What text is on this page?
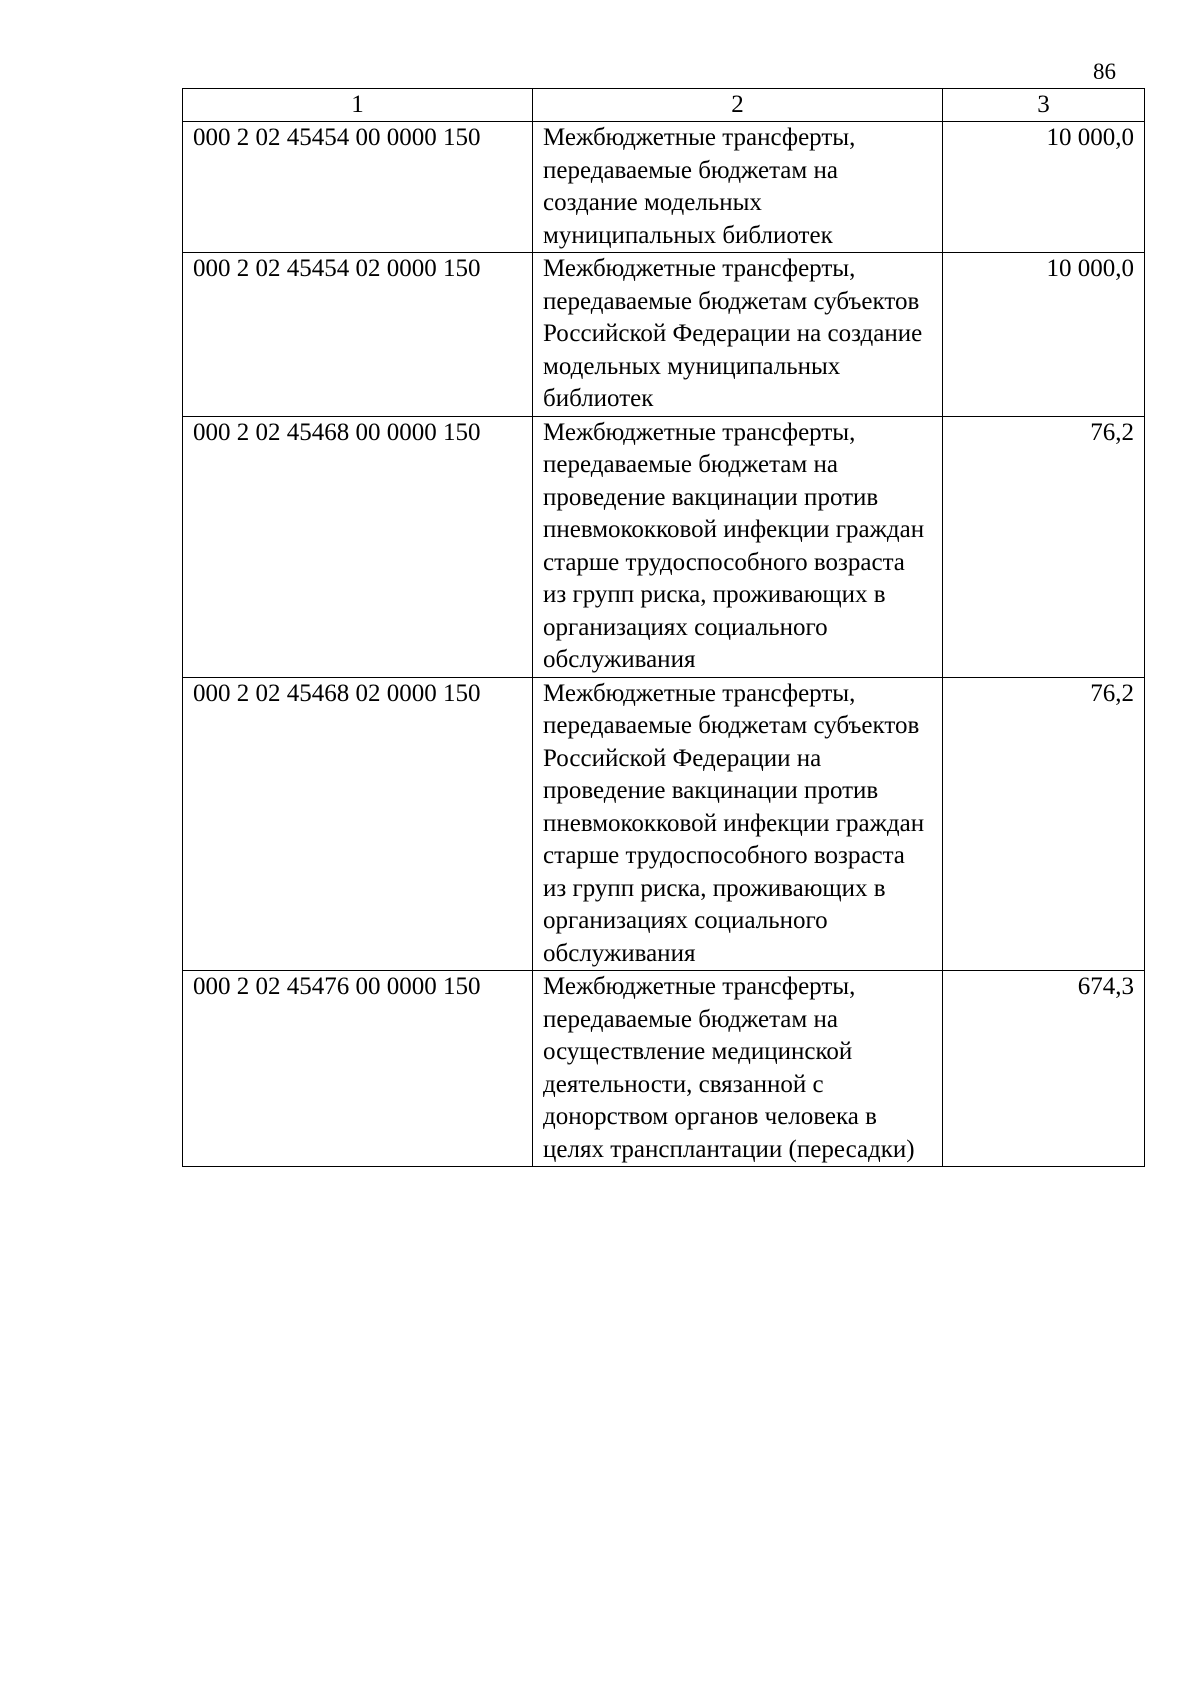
86
1	2	3
000 2 02 45454 00 0000 150	Межбюджетные трансферты, передаваемые бюджетам на создание модельных муниципальных библиотек	10 000,0
000 2 02 45454 02 0000 150	Межбюджетные трансферты, передаваемые бюджетам субъектов Российской Федерации на создание модельных муниципальных библиотек	10 000,0
000 2 02 45468 00 0000 150	Межбюджетные трансферты, передаваемые бюджетам на проведение вакцинации против пневмококковой инфекции граждан старше трудоспособного возраста из групп риска, проживающих в организациях социального обслуживания	76,2
000 2 02 45468 02 0000 150	Межбюджетные трансферты, передаваемые бюджетам субъектов Российской Федерации на проведение вакцинации против пневмококковой инфекции граждан старше трудоспособного возраста из групп риска, проживающих в организациях социального обслуживания	76,2
000 2 02 45476 00 0000 150	Межбюджетные трансферты, передаваемые бюджетам на осуществление медицинской деятельности, связанной с донорством органов человека в целях трансплантации (пересадки)	674,3
